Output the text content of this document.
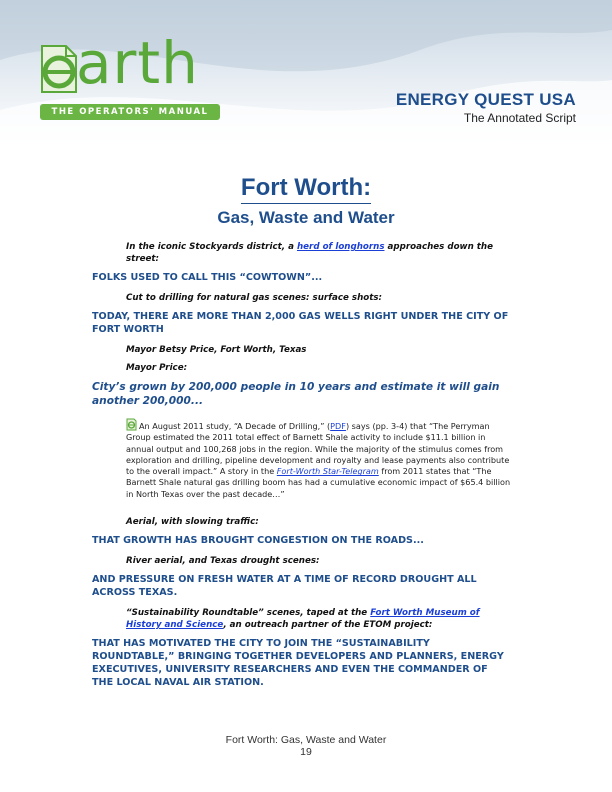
arth
THE OPERATORS' MANUAL
ENERGY QUEST USA
The Annotated Script
Fort Worth:
Gas, Waste and Water
In the iconic Stockyards district, a herd of longhorns approaches down the street:
FOLKS USED TO CALL THIS “COWTOWN”...
Cut to drilling for natural gas scenes: surface shots:
TODAY, THERE ARE MORE THAN 2,000 GAS WELLS RIGHT UNDER THE CITY OF FORT WORTH
Mayor Betsy Price, Fort Worth, Texas
Mayor Price:
City’s grown by 200,000 people in 10 years and estimate it will gain another 200,000...
An August 2011 study, “A Decade of Drilling,” (PDF) says (pp. 3-4) that “The Perryman Group estimated the 2011 total effect of Barnett Shale activity to include $11.1 billion in annual output and 100,268 jobs in the region. While the majority of the stimulus comes from exploration and drilling, pipeline development and royalty and lease payments also contribute to the overall impact.” A story in the Fort-Worth Star-Telegram from 2011 states that “The Barnett Shale natural gas drilling boom has had a cumulative economic impact of $65.4 billion in North Texas over the past decade…”
Aerial, with slowing traffic:
THAT GROWTH HAS BROUGHT CONGESTION ON THE ROADS...
River aerial, and Texas drought scenes:
AND PRESSURE ON FRESH WATER AT A TIME OF RECORD DROUGHT ALL ACROSS TEXAS.
“Sustainability Roundtable” scenes, taped at the Fort Worth Museum of History and Science, an outreach partner of the ETOM project:
THAT HAS MOTIVATED THE CITY TO JOIN THE “SUSTAINABILITY ROUNDTABLE,” BRINGING TOGETHER DEVELOPERS AND PLANNERS, ENERGY EXECUTIVES, UNIVERSITY RESEARCHERS AND EVEN THE COMMANDER OF THE LOCAL NAVAL AIR STATION.
Fort Worth: Gas, Waste and Water
19
